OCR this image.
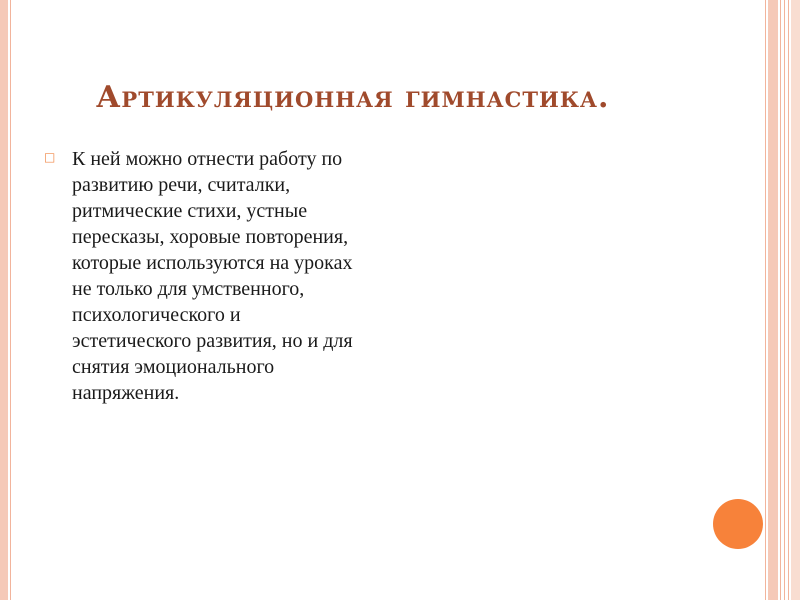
Артикуляционная гимнастика.
□ К ней можно отнести работу по развитию речи, считалки, ритмические стихи, устные пересказы, хоровые повторения, которые используются на уроках не только для умственного, психологического и эстетического развития, но и для снятия эмоционального напряжения.
